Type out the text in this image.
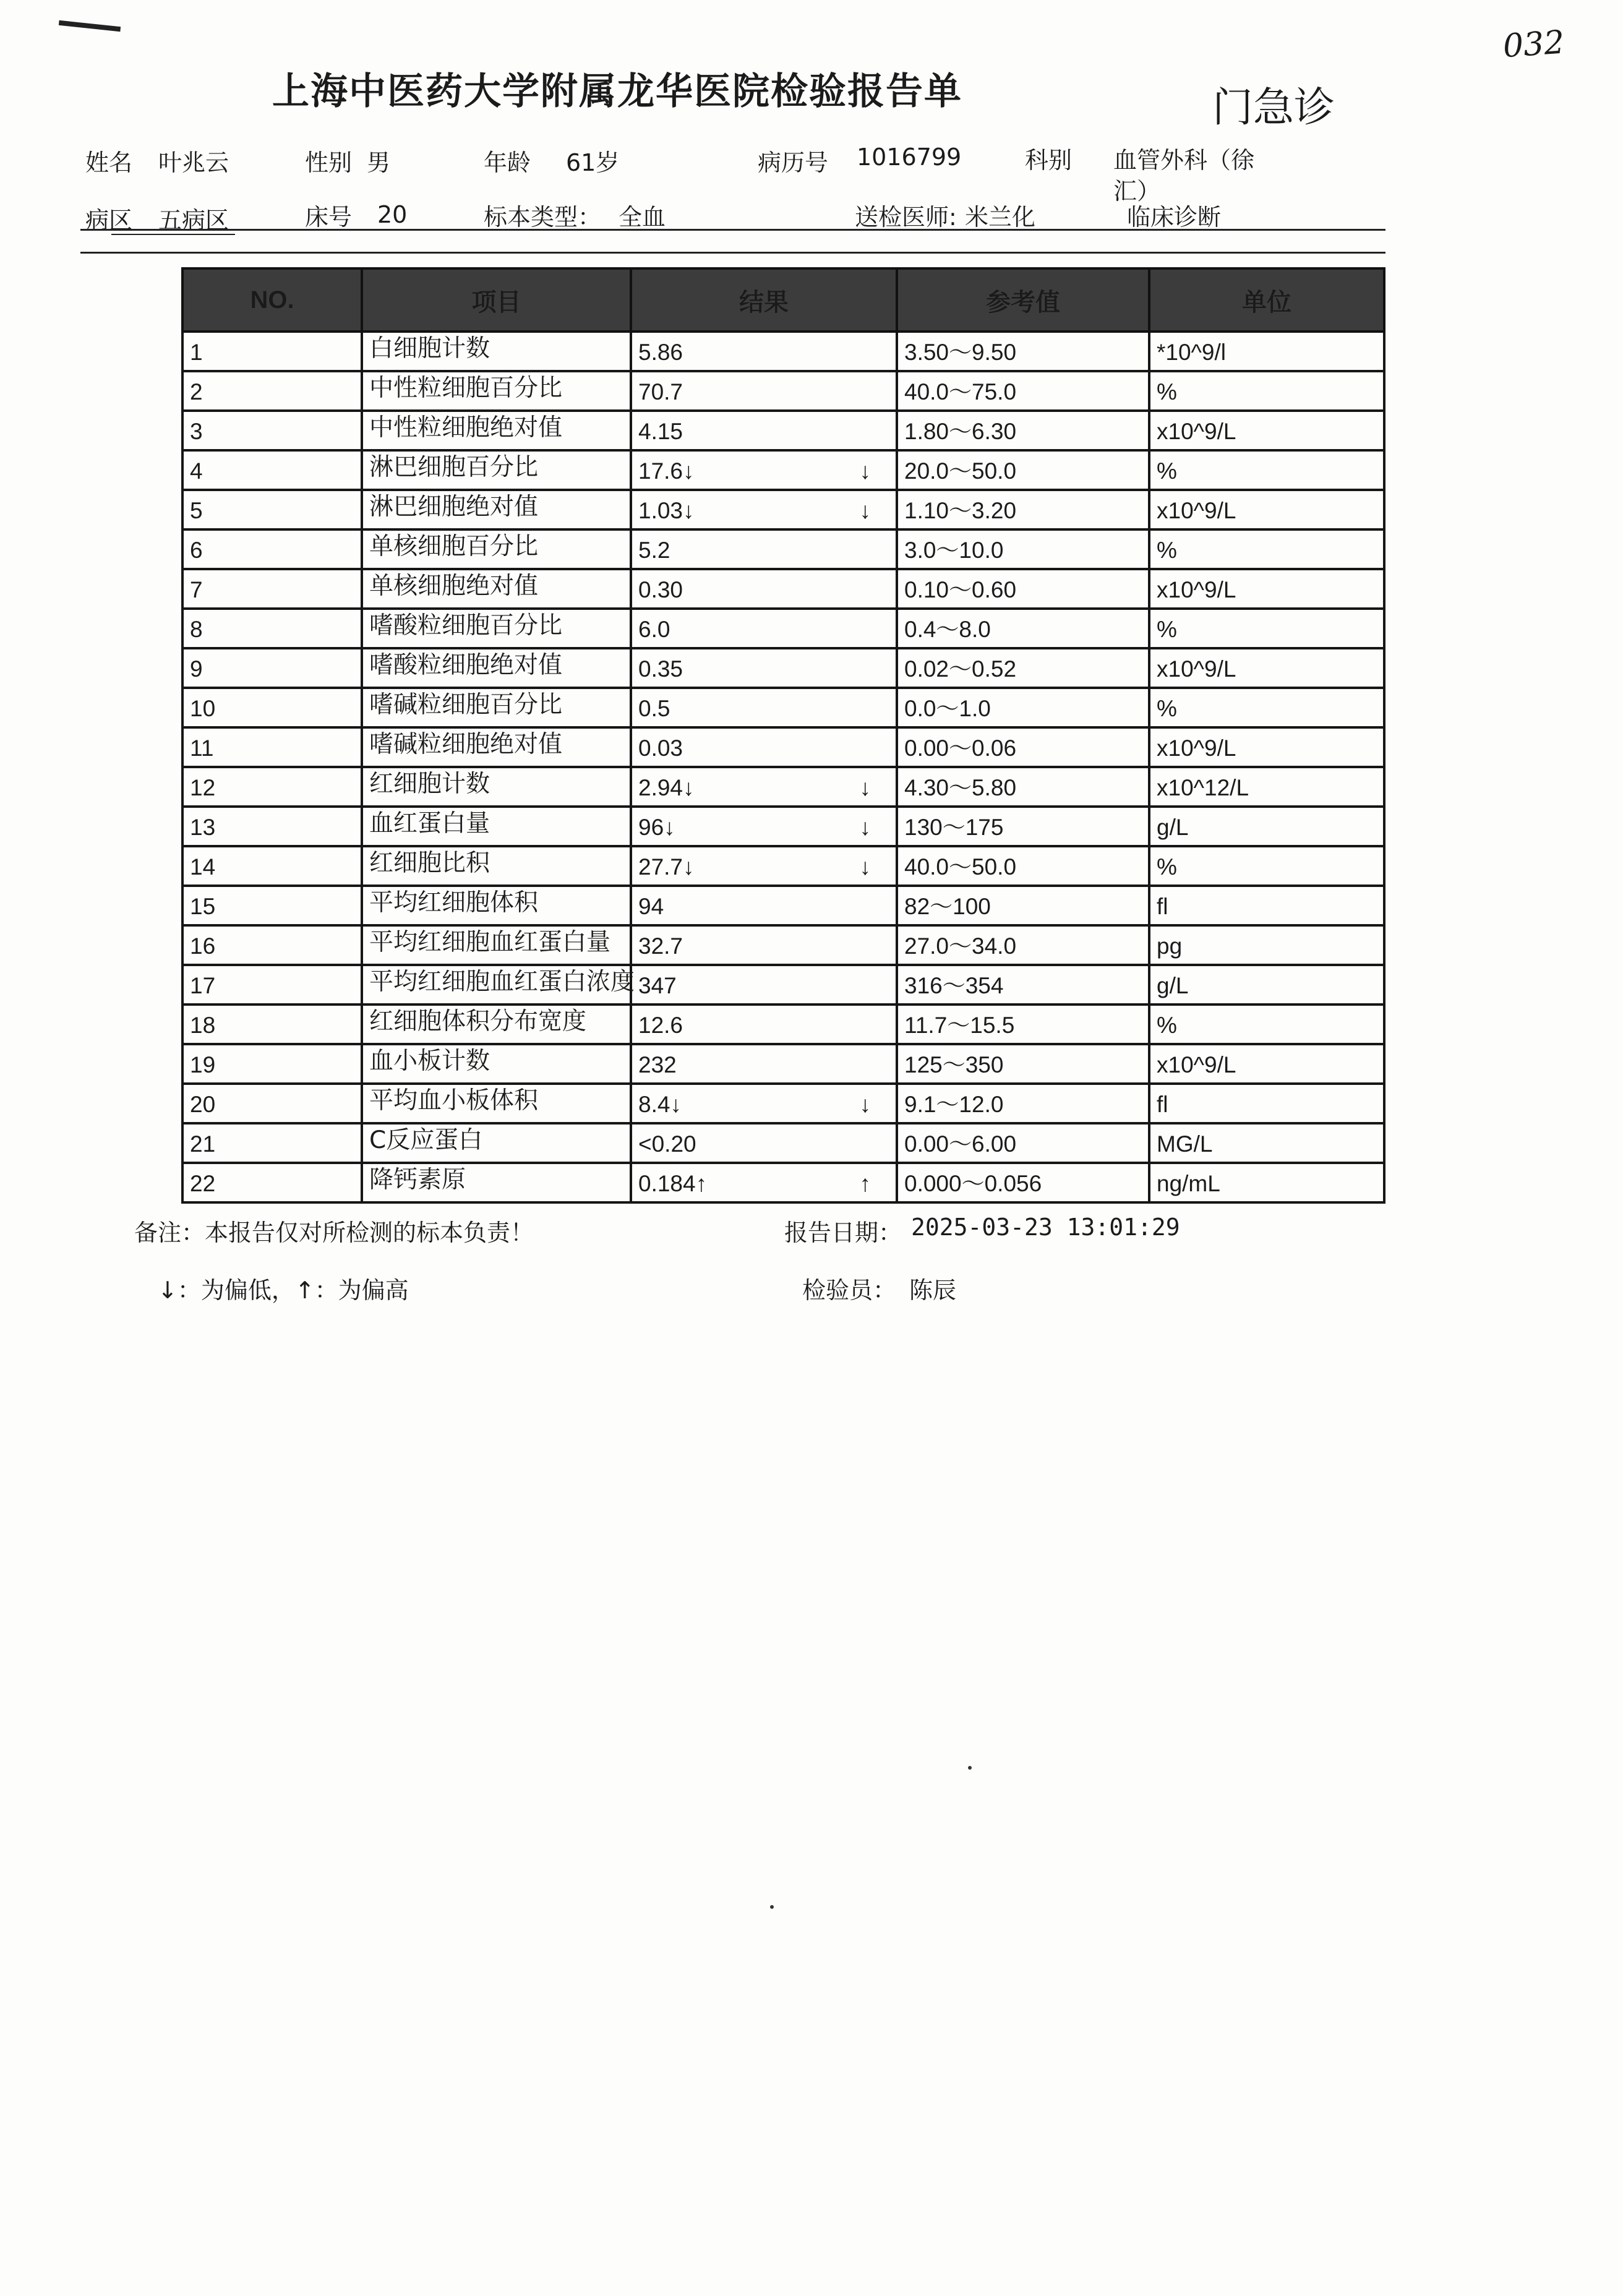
032
上海中医药大学附属龙华医院检验报告单	门急诊
姓名 叶兆云	性别 男	年龄 61岁	病历号 1016799	科别 血管外科（徐
汇）
病区 五病区	床号 20	标本类型： 全血	送检医师: 米兰化	临床诊断
NO.	项目	结果	参考值	单位
1	白细胞计数	5.86	3.50～9.50	*10^9/l
2	中性粒细胞百分比	70.7	40.0～75.0	%
3	中性粒细胞绝对值	4.15	1.80～6.30	x10^9/L
4	淋巴细胞百分比	17.6↓ ↓	20.0～50.0	%
5	淋巴细胞绝对值	1.03↓ ↓	1.10～3.20	x10^9/L
6	单核细胞百分比	5.2	3.0～10.0	%
7	单核细胞绝对值	0.30	0.10～0.60	x10^9/L
8	嗜酸粒细胞百分比	6.0	0.4～8.0	%
9	嗜酸粒细胞绝对值	0.35	0.02～0.52	x10^9/L
10	嗜碱粒细胞百分比	0.5	0.0～1.0	%
11	嗜碱粒细胞绝对值	0.03	0.00～0.06	x10^9/L
12	红细胞计数	2.94↓ ↓	4.30～5.80	x10^12/L
13	血红蛋白量	96↓ ↓	130～175	g/L
14	红细胞比积	27.7↓ ↓	40.0～50.0	%
15	平均红细胞体积	94	82～100	fl
16	平均红细胞血红蛋白量	32.7	27.0～34.0	pg
17	平均红细胞血红蛋白浓度	347	316～354	g/L
18	红细胞体积分布宽度	12.6	11.7～15.5	%
19	血小板计数	232	125～350	x10^9/L
20	平均血小板体积	8.4↓ ↓	9.1～12.0	fl
21	C反应蛋白	<0.20	0.00～6.00	MG/L
22	降钙素原	0.184↑ ↑	0.000～0.056	ng/mL
备注：本报告仅对所检测的标本负责！	报告日期： 2025-03-23 13:01:29
↓：为偏低，↑：为偏高	检验员： 陈辰
